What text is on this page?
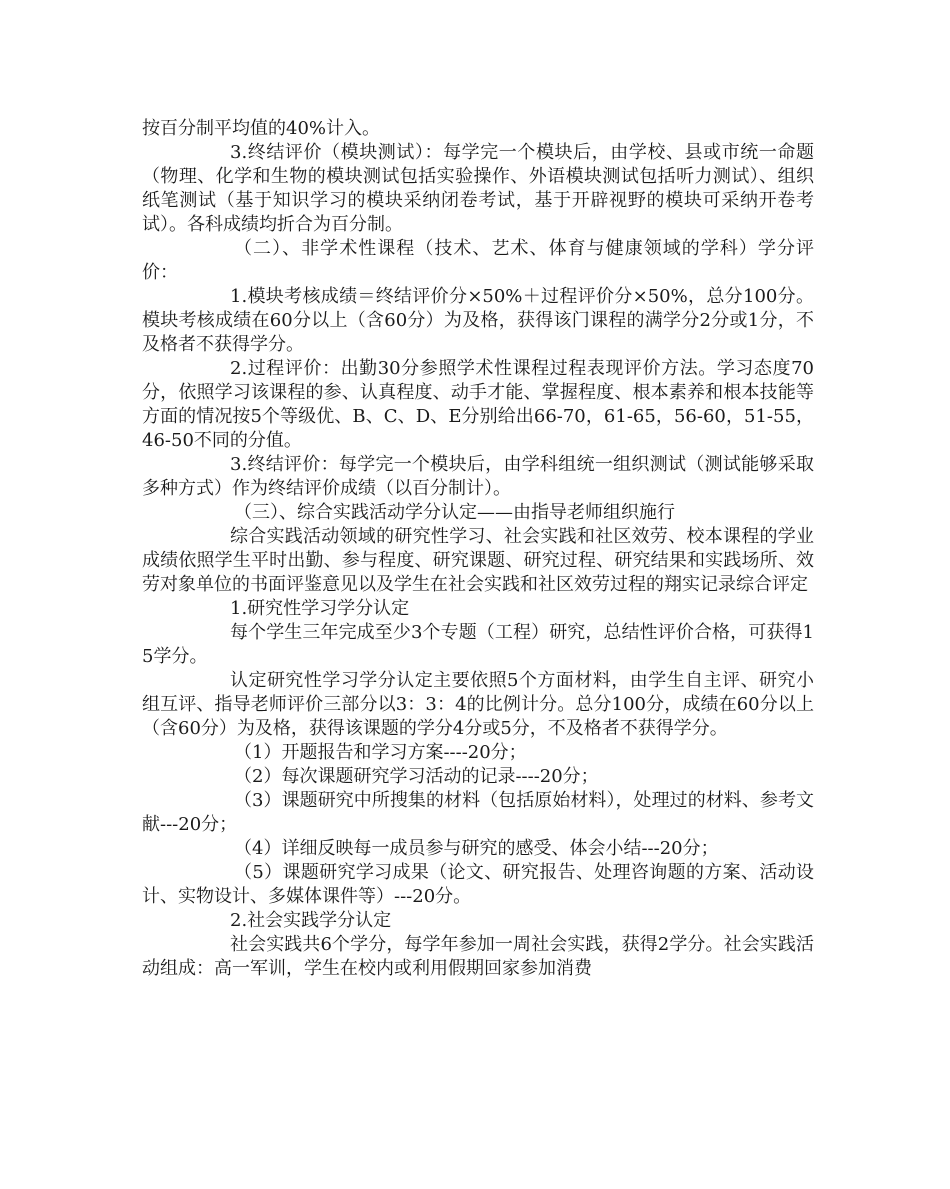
按百分制平均值的40%计入。

3.终结评价（模块测试）：每学完一个模块后，由学校、县或市统一命题（物理、化学和生物的模块测试包括实验操作、外语模块测试包括听力测试）、组织纸笔测试（基于知识学习的模块采纳闭卷考试，基于开辟视野的模块可采纳开卷考试）。各科成绩均折合为百分制。

（二）、非学术性课程（技术、艺术、体育与健康领域的学科）学分评价：

1.模块考核成绩＝终结评价分×50%＋过程评价分×50%，总分100分。模块考核成绩在60分以上（含60分）为及格，获得该门课程的满学分2分或1分，不及格者不获得学分。

2.过程评价：出勤30分参照学术性课程过程表现评价方法。学习态度70分，依照学习该课程的参、认真程度、动手才能、掌握程度、根本素养和根本技能等方面的情况按5个等级优、B、C、D、E分别给出66-70，61-65，56-60，51-55，46-50不同的分值。

3.终结评价：每学完一个模块后，由学科组统一组织测试（测试能够采取多种方式）作为终结评价成绩（以百分制计）。

（三）、综合实践活动学分认定——由指导老师组织施行

综合实践活动领域的研究性学习、社会实践和社区效劳、校本课程的学业成绩依照学生平时出勤、参与程度、研究课题、研究过程、研究结果和实践场所、效劳对象单位的书面评鉴意见以及学生在社会实践和社区效劳过程的翔实记录综合评定

1.研究性学习学分认定

每个学生三年完成至少3个专题（工程）研究，总结性评价合格，可获得15学分。

认定研究性学习学分认定主要依照5个方面材料，由学生自主评、研究小组互评、指导老师评价三部分以3：3：4的比例计分。总分100分，成绩在60分以上（含60分）为及格，获得该课题的学分4分或5分，不及格者不获得学分。

（1）开题报告和学习方案----20分；

（2）每次课题研究学习活动的记录----20分；

（3）课题研究中所搜集的材料（包括原始材料），处理过的材料、参考文献---20分；

（4）详细反映每一成员参与研究的感受、体会小结---20分；

（5）课题研究学习成果（论文、研究报告、处理咨询题的方案、活动设计、实物设计、多媒体课件等）---20分。

2.社会实践学分认定

社会实践共6个学分，每学年参加一周社会实践，获得2学分。社会实践活动组成：高一军训，学生在校内或利用假期回家参加消费
